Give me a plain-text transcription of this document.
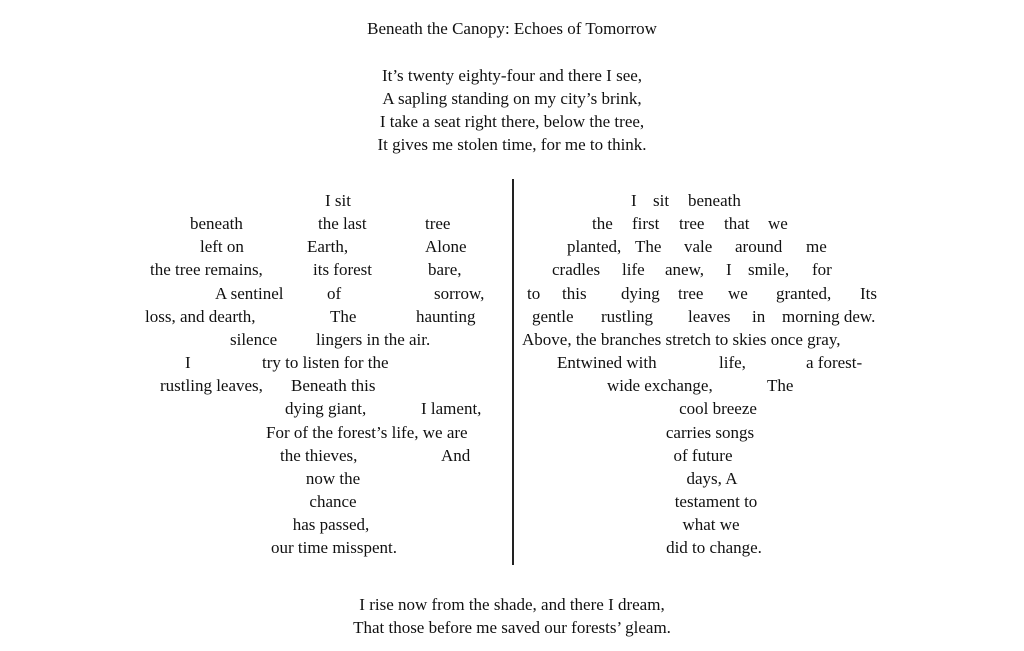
Beneath the Canopy: Echoes of Tomorrow
It’s twenty eighty-four and there I see,
A sapling standing on my city’s brink,
I take a seat right there, below the tree,
It gives me stolen time, for me to think.
I sit
beneath	the last	tree
left on	Earth,	Alone
the tree remains,	its forest	bare,
A sentinel	of	sorrow,
loss, and dearth,	The	haunting
silence lingers in the air.
I	try to listen for the
rustling leaves, Beneath this
dying giant,	I lament,
For of the forest’s life, we are
the thieves,	And
now the
chance
has passed,
our time misspent.
I sit beneath
the first tree that we
planted, The vale around me
cradles life anew, I smile, for
to this dying tree we granted, Its
gentle rustling leaves in morning dew.
Above, the branches stretch to skies once gray,
Entwined with	life,	a forest-
wide exchange,	The
cool breeze
carries songs
of future
days, A
testament to
what we
did to change.
I rise now from the shade, and there I dream,
That those before me saved our forests’ gleam.
